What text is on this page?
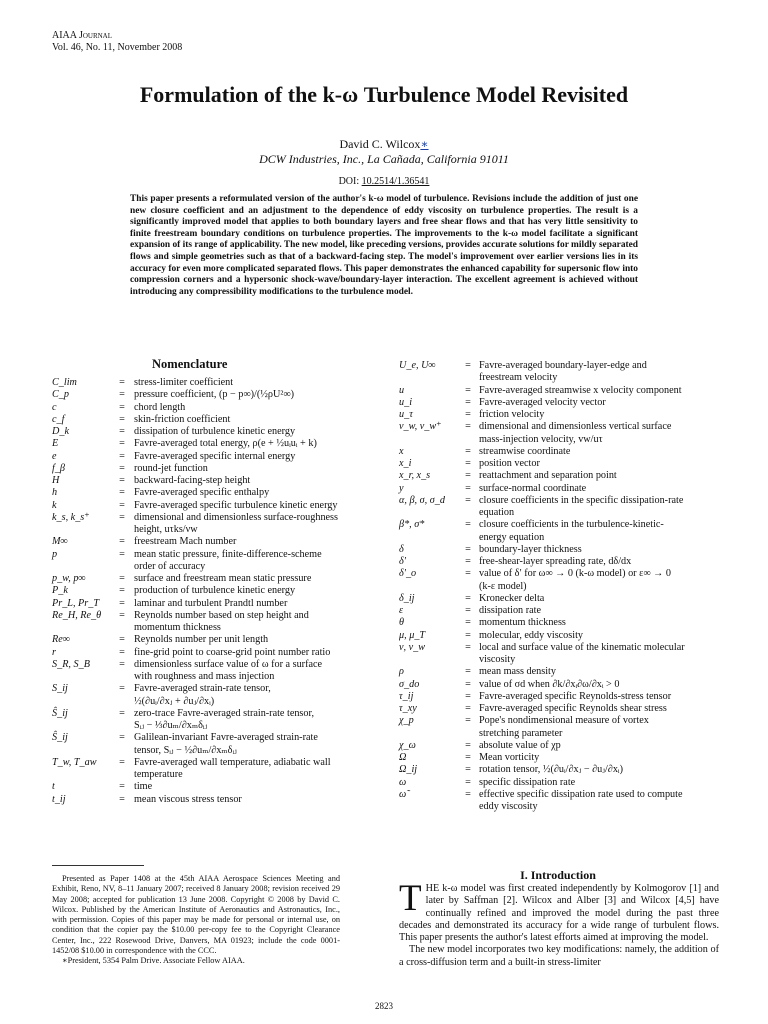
AIAA Journal
Vol. 46, No. 11, November 2008
Formulation of the k-ω Turbulence Model Revisited
David C. Wilcox∗
DCW Industries, Inc., La Cañada, California 91011
DOI: 10.2514/1.36541
This paper presents a reformulated version of the author's k-ω model of turbulence. Revisions include the addition of just one new closure coefficient and an adjustment to the dependence of eddy viscosity on turbulence properties. The result is a significantly improved model that applies to both boundary layers and free shear flows and that has very little sensitivity to finite freestream boundary conditions on turbulence properties. The improvements to the k-ω model facilitate a significant expansion of its range of applicability. The new model, like preceding versions, provides accurate solutions for mildly separated flows and simple geometries such as that of a backward-facing step. The model's improvement over earlier versions lies in its accuracy for even more complicated separated flows. This paper demonstrates the enhanced capability for supersonic flow into compression corners and a hypersonic shock-wave/boundary-layer interaction. The excellent agreement is achieved without introducing any compressibility modifications to the turbulence model.
Nomenclature
C_lim	= stress-limiter coefficient
C_p	= pressure coefficient, (p − p∞)/(½ρU²∞)
c	= chord length
c_f	= skin-friction coefficient
D_k	= dissipation of turbulence kinetic energy
E	= Favre-averaged total energy, ρ(e + ½uᵢuᵢ + k)
e	= Favre-averaged specific internal energy
f_β	= round-jet function
H	= backward-facing-step height
h	= Favre-averaged specific enthalpy
k	= Favre-averaged specific turbulence kinetic energy
k_s, k_s⁺	= dimensional and dimensionless surface-roughness
height, uτks/νw
M∞	= freestream Mach number
p	= mean static pressure, finite-difference-scheme
order of accuracy
p_w, p∞	= surface and freestream mean static pressure
P_k	= production of turbulence kinetic energy
Pr_L, Pr_T	= laminar and turbulent Prandtl number
Re_H, Re_θ	= Reynolds number based on step height and
momentum thickness
Re∞	= Reynolds number per unit length
r	= fine-grid point to coarse-grid point number ratio
S_R, S_B	= dimensionless surface value of ω for a surface
with roughness and mass injection
S_ij	= Favre-averaged strain-rate tensor,
½(∂uᵢ/∂xⱼ + ∂uⱼ/∂xᵢ)
Ŝ_ij	= zero-trace Favre-averaged strain-rate tensor,
Sᵢⱼ − ⅓∂uₘ/∂xₘδᵢⱼ
Ŝ_ij	= Galilean-invariant Favre-averaged strain-rate
tensor, Sᵢⱼ − ½∂uₘ/∂xₘδᵢⱼ
T_w, T_aw	= Favre-averaged wall temperature, adiabatic wall
temperature
t	= time
t_ij	= mean viscous stress tensor
U_e, U∞	= Favre-averaged boundary-layer-edge and
freestream velocity
u	= Favre-averaged streamwise x velocity component
u_i	= Favre-averaged velocity vector
u_τ	= friction velocity
v_w, v_w⁺	= dimensional and dimensionless vertical surface
mass-injection velocity, vw/uτ
x	= streamwise coordinate
x_i	= position vector
x_r, x_s	= reattachment and separation point
y	= surface-normal coordinate
α, β, σ, σ_d	= closure coefficients in the specific dissipation-rate
equation
β*, σ*	= closure coefficients in the turbulence-kinetic-
energy equation
δ	= boundary-layer thickness
δ′	= free-shear-layer spreading rate, dδ/dx
δ′_o	= value of δ′ for ω∞ → 0 (k-ω model) or ε∞ → 0
(k-ε model)
δ_ij	= Kronecker delta
ε	= dissipation rate
θ	= momentum thickness
μ, μ_T	= molecular, eddy viscosity
ν, ν_w	= local and surface value of the kinematic molecular
viscosity
ρ	= mean mass density
σ_do	= value of σd when ∂k/∂xᵢ∂ω/∂xᵢ > 0
τ_ij	= Favre-averaged specific Reynolds-stress tensor
τ_xy	= Favre-averaged specific Reynolds shear stress
χ_p	= Pope's nondimensional measure of vortex
stretching parameter
χ_ω	= absolute value of χp
Ω	= Mean vorticity
Ω_ij	= rotation tensor, ½(∂uᵢ/∂xⱼ − ∂uⱼ/∂xᵢ)
ω	= specific dissipation rate
ω̃	= effective specific dissipation rate used to compute
eddy viscosity

Presented as Paper 1408 at the 45th AIAA Aerospace Sciences Meeting and Exhibit, Reno, NV, 8–11 January 2007; received 8 January 2008; revision received 29 May 2008; accepted for publication 13 June 2008. Copyright © 2008 by David C. Wilcox. Published by the American Institute of Aeronautics and Astronautics, Inc., with permission. Copies of this paper may be made for personal or internal use, on condition that the copier pay the $10.00 per-copy fee to the Copyright Clearance Center, Inc., 222 Rosewood Drive, Danvers, MA 01923; include the code 0001-1452/08 $10.00 in correspondence with the CCC.

∗President, 5354 Palm Drive. Associate Fellow AIAA.

I. Introduction

THE k-ω model was first created independently by Kolmogorov [1] and later by Saffman [2]. Wilcox and Alber [3] and Wilcox [4,5] have continually refined and improved the model during the past three decades and demonstrated its accuracy for a wide range of turbulent flows. This paper presents the author's latest efforts aimed at improving the model.

The new model incorporates two key modifications: namely, the addition of a cross-diffusion term and a built-in stress-limiter

2823
